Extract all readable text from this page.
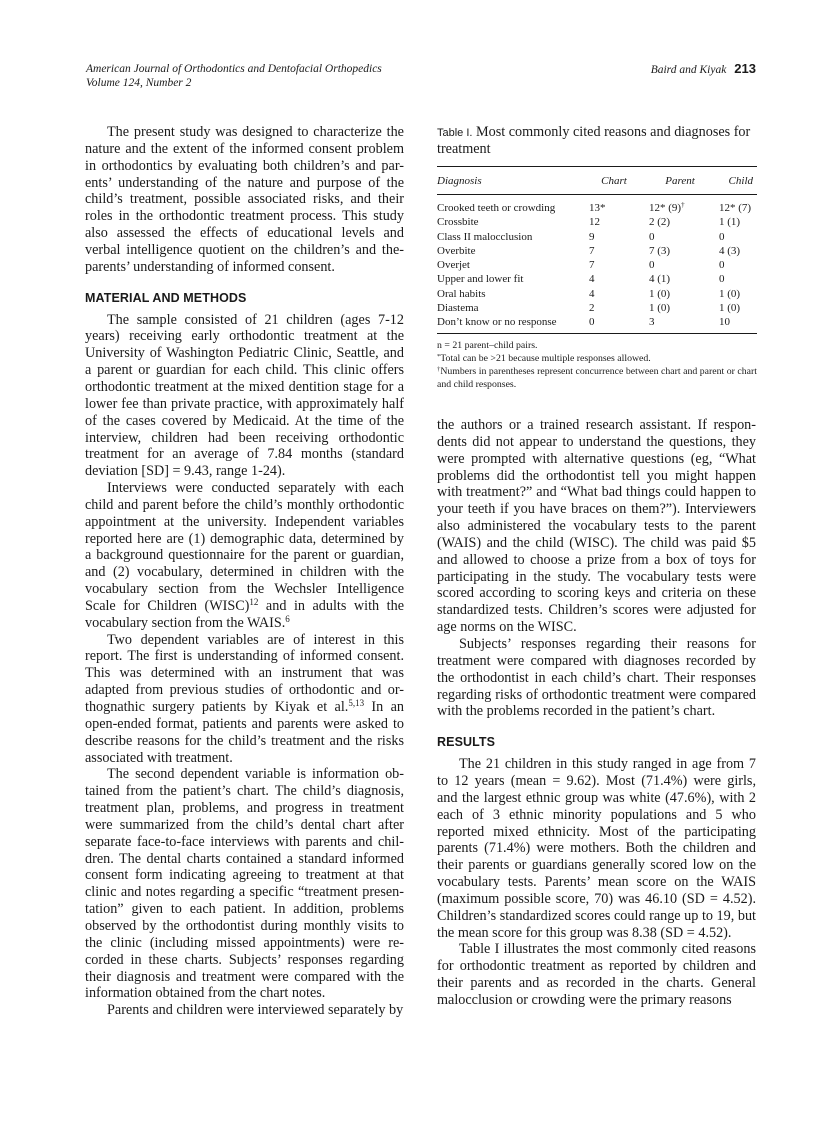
American Journal of Orthodontics and Dentofacial Orthopedics
Volume 124, Number 2
Baird and Kiyak 213

The present study was designed to characterize the nature and the extent of the informed consent problem in orthodontics by evaluating both children’s and par-ents’ understanding of the nature and purpose of the child’s treatment, possible associated risks, and their roles in the orthodontic treatment process. This study also assessed the effects of educational levels and verbal intelligence quotient on the children’s and the-parents’ understanding of informed consent.

MATERIAL AND METHODS

The sample consisted of 21 children (ages 7-12 years) receiving early orthodontic treatment at the University of Washington Pediatric Clinic, Seattle, and a parent or guardian for each child. This clinic offers orthodontic treatment at the mixed dentition stage for a lower fee than private practice, with approximately half of the cases covered by Medicaid. At the time of the interview, children had been receiving orthodontic treatment for an average of 7.84 months (standard deviation [SD] = 9.43, range 1-24).

Interviews were conducted separately with each child and parent before the child’s monthly orthodontic appointment at the university. Independent variables reported here are (1) demographic data, determined by a background questionnaire for the parent or guardian, and (2) vocabulary, determined in children with the vocabulary section from the Wechsler Intelligence Scale for Children (WISC)$^{12}$ and in adults with the vocabulary section from the WAIS.$^6$

Two dependent variables are of interest in this report. The first is understanding of informed consent. This was determined with an instrument that was adapted from previous studies of orthodontic and or-thognathic surgery patients by Kiyak et al.$^{5,13}$ In an open-ended format, patients and parents were asked to describe reasons for the child’s treatment and the risks associated with treatment.

The second dependent variable is information ob-tained from the patient’s chart. The child’s diagnosis, treatment plan, problems, and progress in treatment were summarized from the child’s dental chart after separate face-to-face interviews with parents and chil-dren. The dental charts contained a standard informed consent form indicating agreeing to treatment at that clinic and notes regarding a specific “treatment presen-tation” given to each patient. In addition, problems observed by the orthodontist during monthly visits to the clinic (including missed appointments) were re-corded in these charts. Subjects’ responses regarding their diagnosis and treatment were compared with the information obtained from the chart notes.

Parents and children were interviewed separately by

Table I. Most commonly cited reasons and diagnoses for treatment
Diagnosis	Chart	Parent	Child
Crooked teeth or crowding	13*	12* (9)†	12* (7)
Crossbite	12	2 (2)	1 (1)
Class II malocclusion	9	0	0
Overbite	7	7 (3)	4 (3)
Overjet	7	0	0
Upper and lower fit	4	4 (1)	0
Oral habits	4	1 (0)	1 (0)
Diastema	2	1 (0)	1 (0)
Don’t know or no response	0	3	10

n = 21 parent–child pairs.
*Total can be >21 because multiple responses allowed.
†Numbers in parentheses represent concurrence between chart and parent or chart and child responses.

the authors or a trained research assistant. If respon-dents did not appear to understand the questions, they were prompted with alternative questions (eg, “What problems did the orthodontist tell you might happen with treatment?” and “What bad things could happen to your teeth if you have braces on them?”). Interviewers also administered the vocabulary tests to the parent (WAIS) and the child (WISC). The child was paid $5 and allowed to choose a prize from a box of toys for participating in the study. The vocabulary tests were scored according to scoring keys and criteria on these standardized tests. Children’s scores were adjusted for age norms on the WISC.

Subjects’ responses regarding their reasons for treatment were compared with diagnoses recorded by the orthodontist in each child’s chart. Their responses regarding risks of orthodontic treatment were compared with the problems recorded in the patient’s chart.

RESULTS

The 21 children in this study ranged in age from 7 to 12 years (mean = 9.62). Most (71.4%) were girls, and the largest ethnic group was white (47.6%), with 2 each of 3 ethnic minority populations and 5 who reported mixed ethnicity. Most of the participating parents (71.4%) were mothers. Both the children and their parents or guardians generally scored low on the vocabulary tests. Parents’ mean score on the WAIS (maximum possible score, 70) was 46.10 (SD = 4.52). Children’s standardized scores could range up to 19, but the mean score for this group was 8.38 (SD = 4.52).

Table I illustrates the most commonly cited reasons for orthodontic treatment as reported by children and their parents and as recorded in the charts. General malocclusion or crowding were the primary reasons
